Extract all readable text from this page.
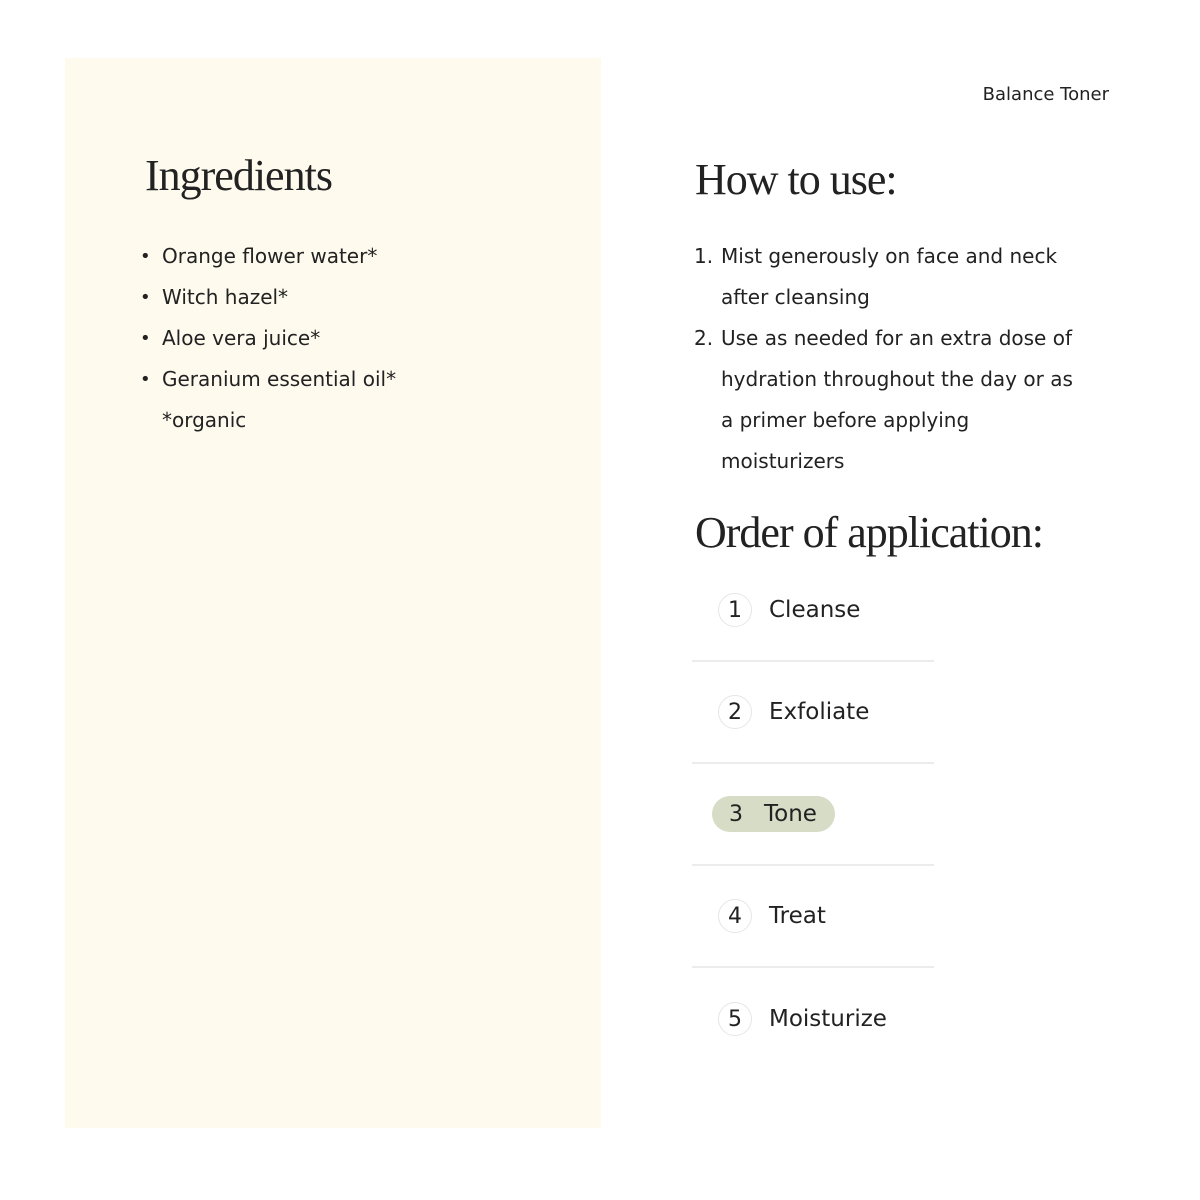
Ingredients
• Orange flower water*
• Witch hazel*
• Aloe vera juice*
• Geranium essential oil*
*organic
Balance Toner
How to use:
1. Mist generously on face and neck after cleansing
2. Use as needed for an extra dose of hydration throughout the day or as a primer before applying moisturizers
Order of application:
1	Cleanse
2	Exfoliate
3 Tone
4	Treat
5	Moisturize
